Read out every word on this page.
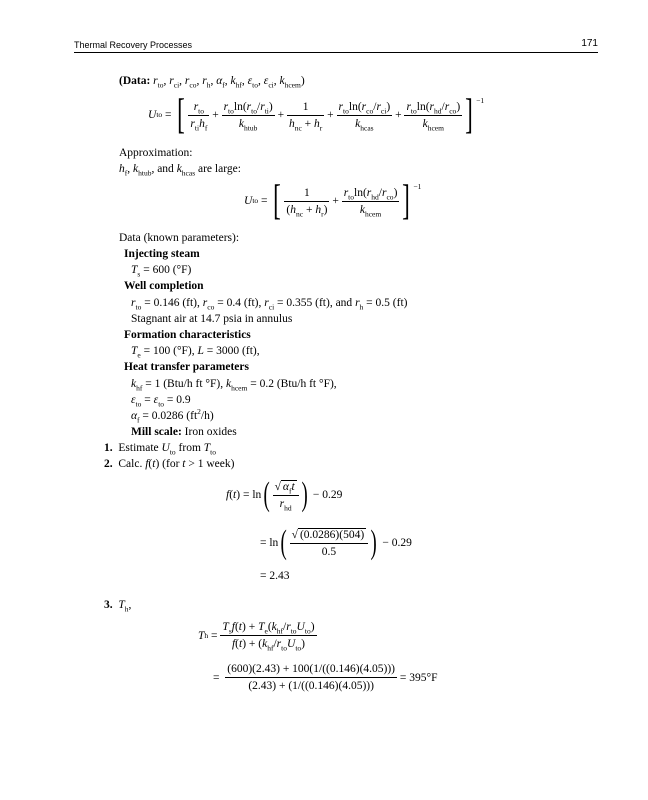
Thermal Recovery Processes	171
(Data: $r_{to}$, $r_{ci}$, $r_{co}$, $r_h$, $\alpha_f$, $k_{hf}$, $\varepsilon_{to}$, $\varepsilon_{ci}$, $k_{hcem}$)
U to = [ $r_{to}$
$r_{ti}h_f$
+
$r_{to}\ln(r_{to}/r_{ti})$
$k_{htub}$
+
1
$h_{nc} + h_r$
+
$r_{to}\ln(r_{co}/r_{ci})$
$k_{hcas}$
+
$r_{to}\ln(r_{hd}/r_{co})$
$k_{hcem}$ ] $^{-1}$
Approximation:
$h_f$, $k_{htub}$, and $k_{hcas}$ are large:
U to = [	1
$(h_{nc} + h_r)$
+
$r_{to}\ln(r_{hd}/r_{co})$
$k_{hcem}$ ] $^{-1}$
Data (known parameters):
Injecting steam
$T_s = 600$ (°F)
Well completion
$r_{to} = 0.146$ (ft), $r_{co} = 0.4$ (ft), $r_{ci} = 0.355$ (ft), and $r_h = 0.5$ (ft)
Stagnant air at 14.7 psia in annulus
Formation characteristics
$T_e = 100$ (°F), L = 3000 (ft),
Heat transfer parameters
$k_{hf} = 1$ (Btu/h ft °F), $k_{hcem} = 0.2$ (Btu/h ft °F),
$\varepsilon_{to} = \varepsilon_{to} = 0.9$
$\alpha_f = 0.0286$ $(ft^2/h)$
Mill scale: Iron oxides
1. Estimate $U_{to}$ from $T_{to}$
2. Calc. f(t) (for t > 1 week)
f ( t ) = ln ( √ $\alpha_ft$
$r_{hd}$ )
− 0.29
= ln ( √ (0.0286)(504)
0.5	)
− 0.29
= 2.43
3. $T_h$,
T h =
$T_sf(t) + T_e(k_{hf}/r_{to}U_{to})$
$f(t) + (k_{hf}/r_{to}U_{to})$
= $\frac{(600)(2.43) + 100(1/((0.146)(4.05)))}{(2.43) + (1/((0.146)(4.05)))}$
= 395°F
